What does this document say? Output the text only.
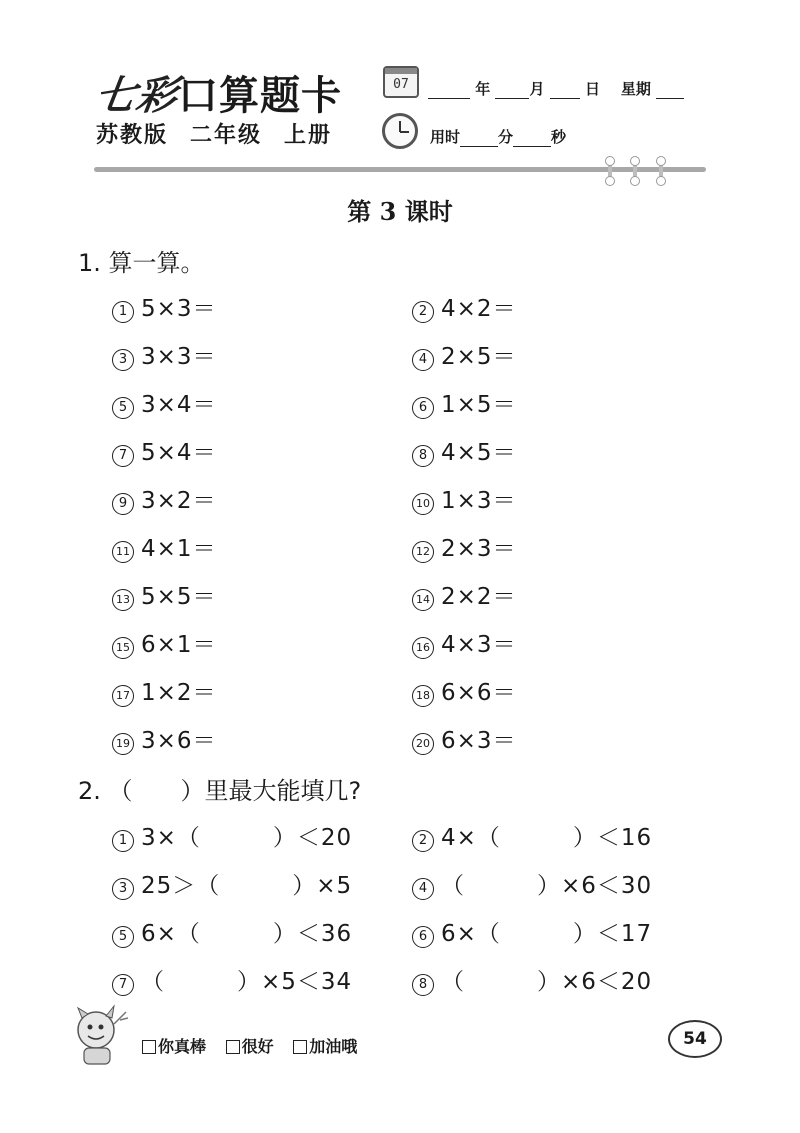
七彩口算题卡
苏教版 二年级 上册
07	年	月	日 星期
用时	分	秒
第 3 课时
1. 算一算。
1 5×3＝	2 4×2＝
3 3×3＝	4 2×5＝
5 3×4＝	6 1×5＝
7 5×4＝	8 4×5＝
9 3×2＝	10 1×3＝
11 4×1＝	12 2×3＝
13 5×5＝	14 2×2＝
15 6×1＝	16 4×3＝
17 1×2＝	18 6×6＝
19 3×6＝	20 6×3＝
2. （　　）里最大能填几?
1 3×（　　　）＜20	2 4×（　　　）＜16
3 25＞（　　　）×5	4 （　　　）×6＜30
5 6×（　　　）＜36	6 6×（　　　）＜17
7 （　　　）×5＜34	8 （　　　）×6＜20
你真棒 很好 加油哦	54
